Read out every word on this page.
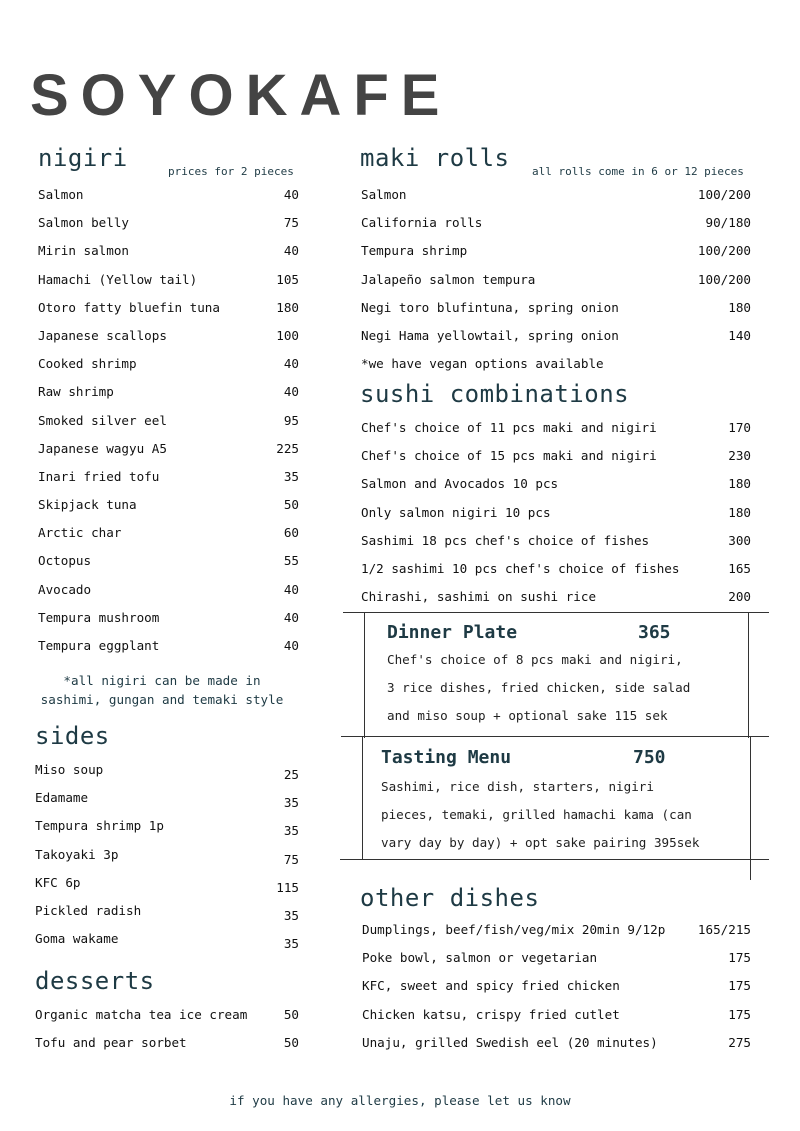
SOYOKAFE
nigiri	prices for 2 pieces
Salmon	40
Salmon belly	75
Mirin salmon	40
Hamachi (Yellow tail)	105
Otoro fatty bluefin tuna	180
Japanese scallops	100
Cooked shrimp	40
Raw shrimp	40
Smoked silver eel	95
Japanese wagyu A5	225
Inari fried tofu	35
Skipjack tuna	50
Arctic char	60
Octopus	55
Avocado	40
Tempura mushroom	40
Tempura eggplant	40
*all nigiri can be made in
sashimi, gungan and temaki style
sides
Miso soup	25
Edamame	35
Tempura shrimp 1p	35
Takoyaki 3p	75
KFC 6p	115
Pickled radish	35
Goma wakame	35
desserts
Organic matcha tea ice cream	50
Tofu and pear sorbet	50
maki rolls all rolls come in 6 or 12 pieces
Salmon	100/200
California rolls	90/180
Tempura shrimp	100/200
Jalapeño salmon tempura	100/200
Negi toro blufintuna, spring onion	180
Negi Hama yellowtail, spring onion	140
*we have vegan options available
sushi combinations
Chef's choice of 11 pcs maki and nigiri	170
Chef's choice of 15 pcs maki and nigiri	230
Salmon and Avocados 10 pcs	180
Only salmon nigiri 10 pcs	180
Sashimi 18 pcs chef's choice of fishes	300
1/2 sashimi 10 pcs chef's choice of fishes	165
Chirashi, sashimi on sushi rice	200
Dinner Plate	365
Chef's choice of 8 pcs maki and nigiri,
3 rice dishes, fried chicken, side salad
and miso soup + optional sake 115 sek
Tasting Menu	750
Sashimi, rice dish, starters, nigiri
pieces, temaki, grilled hamachi kama (can
vary day by day) + opt sake pairing 395sek
other dishes
Dumplings, beef/fish/veg/mix 20min 9/12p	165/215
Poke bowl, salmon or vegetarian	175
KFC, sweet and spicy fried chicken	175
Chicken katsu, crispy fried cutlet	175
Unaju, grilled Swedish eel (20 minutes)	275
if you have any allergies, please let us know
